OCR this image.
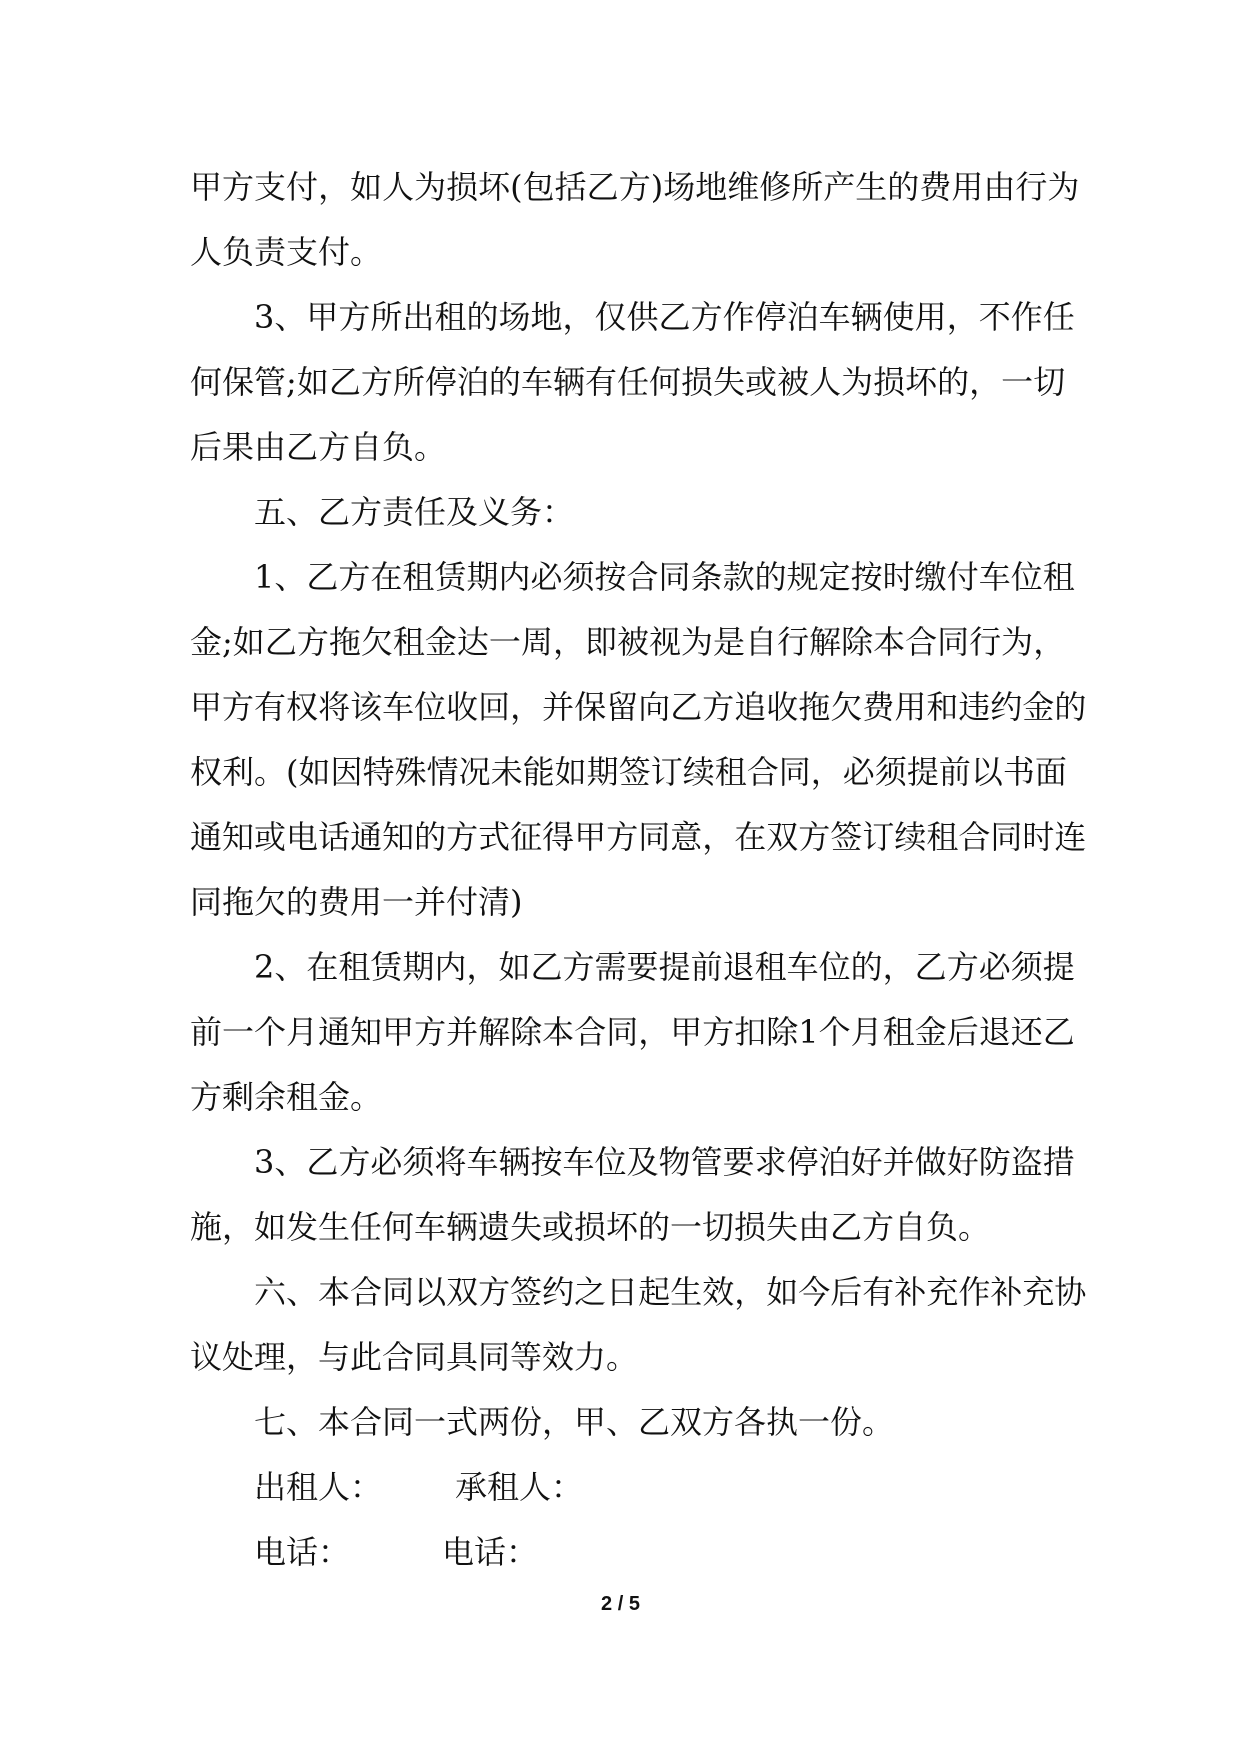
甲 方 支 付 ， 如 人 为 损 坏 ( 包 括 乙 方 ) 场 地 维 修 所 产 生 的 费 用 由 行 为
人负责支付。
3 、 甲 方 所 出 租 的 场 地 ， 仅 供 乙 方 作 停 泊 车 辆 使 用 ， 不 作 任
何 保 管 ; 如 乙 方 所 停 泊 的 车 辆 有 任 何 损 失 或 被 人 为 损 坏 的 ， 一 切
后果由乙方自负。
五、乙方责任及义务：
1 、 乙 方 在 租 赁 期 内 必 须 按 合 同 条 款 的 规 定 按 时 缴 付 车 位 租
金 ; 如 乙 方 拖 欠 租 金 达 一 周 ， 即 被 视 为 是 自 行 解 除 本 合 同 行 为 ，
甲 方 有 权 将 该 车 位 收 回 ， 并 保 留 向 乙 方 追 收 拖 欠 费 用 和 违 约 金 的
权 利 。 ( 如 因 特 殊 情 况 未 能 如 期 签 订 续 租 合 同 ， 必 须 提 前 以 书 面
通 知 或 电 话 通 知 的 方 式 征 得 甲 方 同 意 ， 在 双 方 签 订 续 租 合 同 时 连
同拖欠的费用一并付清)
2 、 在 租 赁 期 内 ， 如 乙 方 需 要 提 前 退 租 车 位 的 ， 乙 方 必 须 提
前 一 个 月 通 知 甲 方 并 解 除 本 合 同 ， 甲 方 扣 除 1 个 月 租 金 后 退 还 乙
方剩余租金。
3 、 乙 方 必 须 将 车 辆 按 车 位 及 物 管 要 求 停 泊 好 并 做 好 防 盗 措
施，如发生任何车辆遗失或损坏的一切损失由乙方自负。
六 、 本 合 同 以 双 方 签 约 之 日 起 生 效 ， 如 今 后 有 补 充 作 补 充 协
议处理，与此合同具同等效力。
七、本合同一式两份，甲、乙双方各执一份。
出租人：	承租人：
电话：	电话：
2 / 5
